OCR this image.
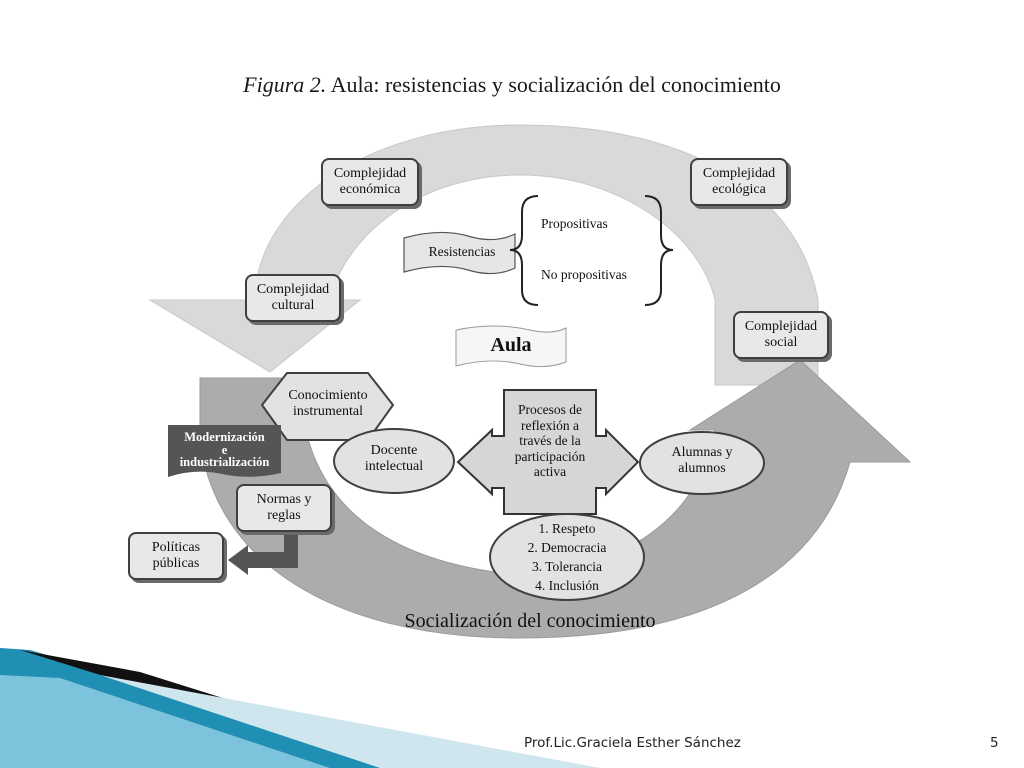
Figura 2. Aula: resistencias y socialización del conocimiento
Complejidad
económica
Complejidad
ecológica
Complejidad
cultural
Complejidad
social
Resistencias
Propositivas
No propositivas
Aula
Conocimiento
instrumental
Modernización
e
industrialización
Docente
intelectual
Procesos de
reflexión a
través de la
participación
activa
Alumnas y
alumnos
Normas y
reglas
Políticas
públicas
1. Respeto
2. Democracia
3. Tolerancia
4. Inclusión
Socialización del conocimiento
Prof.Lic.Graciela Esther Sánchez	5
